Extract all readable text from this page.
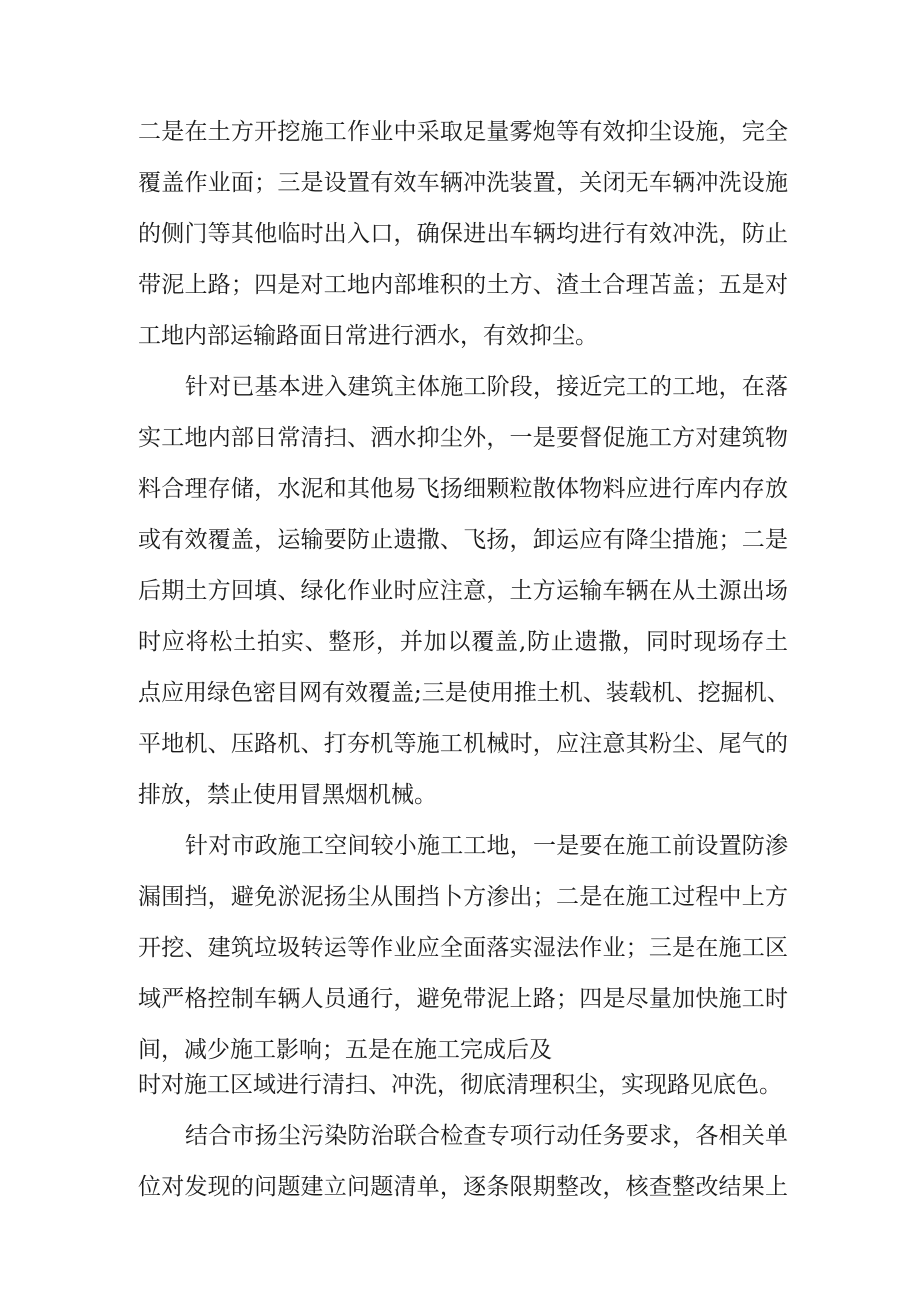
二是在土方开挖施工作业中采取足量雾炮等有效抑尘设施，完全
覆盖作业面；三是设置有效车辆冲洗装置，关闭无车辆冲洗设施
的侧门等其他临时出入口，确保进出车辆均进行有效冲洗，防止
带泥上路；四是对工地内部堆积的土方、渣土合理苫盖；五是对
工地内部运输路面日常进行洒水，有效抑尘。
针对已基本进入建筑主体施工阶段，接近完工的工地，在落
实工地内部日常清扫、洒水抑尘外，一是要督促施工方对建筑物
料合理存储，水泥和其他易飞扬细颗粒散体物料应进行库内存放
或有效覆盖，运输要防止遗撒、飞扬，卸运应有降尘措施；二是
后期土方回填、绿化作业时应注意，土方运输车辆在从土源出场
时应将松土拍实、整形，并加以覆盖,防止遗撒，同时现场存土
点应用绿色密目网有效覆盖;三是使用推土机、装载机、挖掘机、
平地机、压路机、打夯机等施工机械时，应注意其粉尘、尾气的
排放，禁止使用冒黑烟机械。
针对市政施工空间较小施工工地，一是要在施工前设置防渗
漏围挡，避免淤泥扬尘从围挡卜方渗出；二是在施工过程中上方
开挖、建筑垃圾转运等作业应全面落实湿法作业；三是在施工区
域严格控制车辆人员通行，避免带泥上路；四是尽量加快施工时
间，减少施工影响；五是在施工完成后及
时对施工区域进行清扫、冲洗，彻底清理积尘，实现路见底色。
结合市扬尘污染防治联合检查专项行动任务要求，各相关单
位对发现的问题建立问题清单，逐条限期整改，核查整改结果上
